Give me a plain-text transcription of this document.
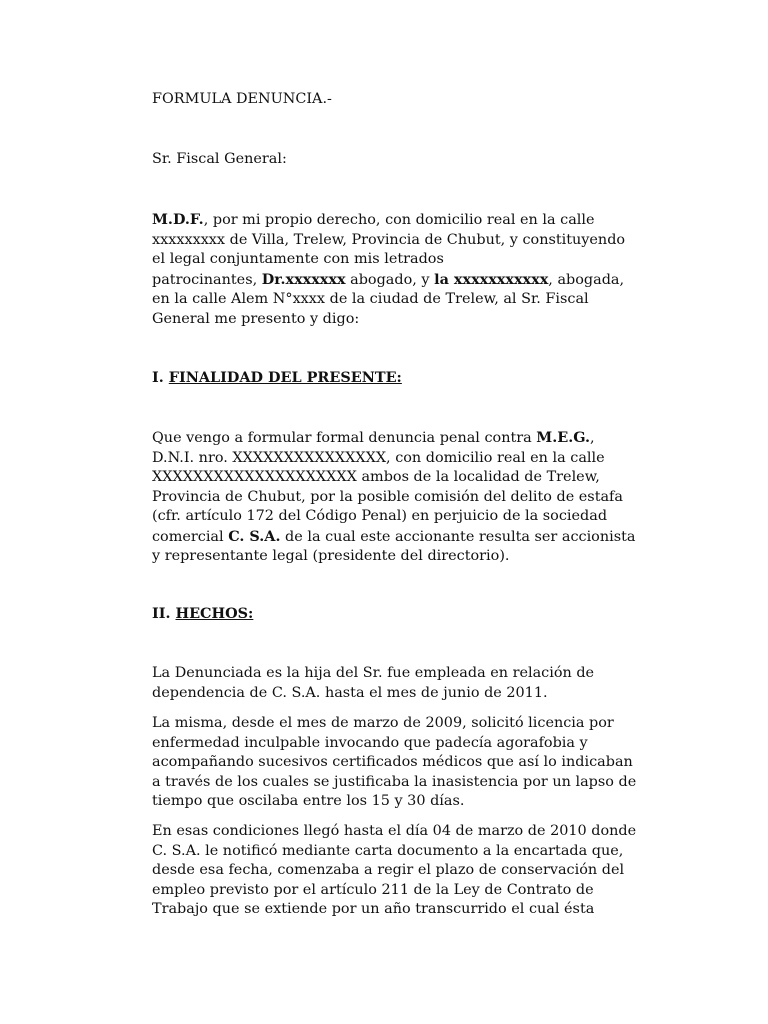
FORMULA DENUNCIA.-

Sr. Fiscal General:

M.D.F., por mi propio derecho, con domicilio real en la calle
xxxxxxxxx de Villa, Trelew, Provincia de Chubut, y constituyendo
el legal conjuntamente con mis letrados
patrocinantes, Dr.xxxxxxx abogado, y la xxxxxxxxxxx, abogada,
en la calle Alem N°xxxx de la ciudad de Trelew, al Sr. Fiscal
General me presento y digo:

I. FINALIDAD DEL PRESENTE:

Que vengo a formular formal denuncia penal contra M.E.G.,
D.N.I. nro. XXXXXXXXXXXXXXX, con domicilio real en la calle
XXXXXXXXXXXXXXXXXXXX ambos de la localidad de Trelew,
Provincia de Chubut, por la posible comisión del delito de estafa
(cfr. artículo 172 del Código Penal) en perjuicio de la sociedad
comercial C. S.A. de la cual este accionante resulta ser accionista
y representante legal (presidente del directorio).

II. HECHOS:

La Denunciada es la hija del Sr. fue empleada en relación de
dependencia de C. S.A. hasta el mes de junio de 2011.

La misma, desde el mes de marzo de 2009, solicitó licencia por
enfermedad inculpable invocando que padecía agorafobia y
acompañando sucesivos certificados médicos que así lo indicaban
a través de los cuales se justificaba la inasistencia por un lapso de
tiempo que oscilaba entre los 15 y 30 días.

En esas condiciones llegó hasta el día 04 de marzo de 2010 donde
C. S.A. le notificó mediante carta documento a la encartada que,
desde esa fecha, comenzaba a regir el plazo de conservación del
empleo previsto por el artículo 211 de la Ley de Contrato de
Trabajo que se extiende por un año transcurrido el cual ésta
